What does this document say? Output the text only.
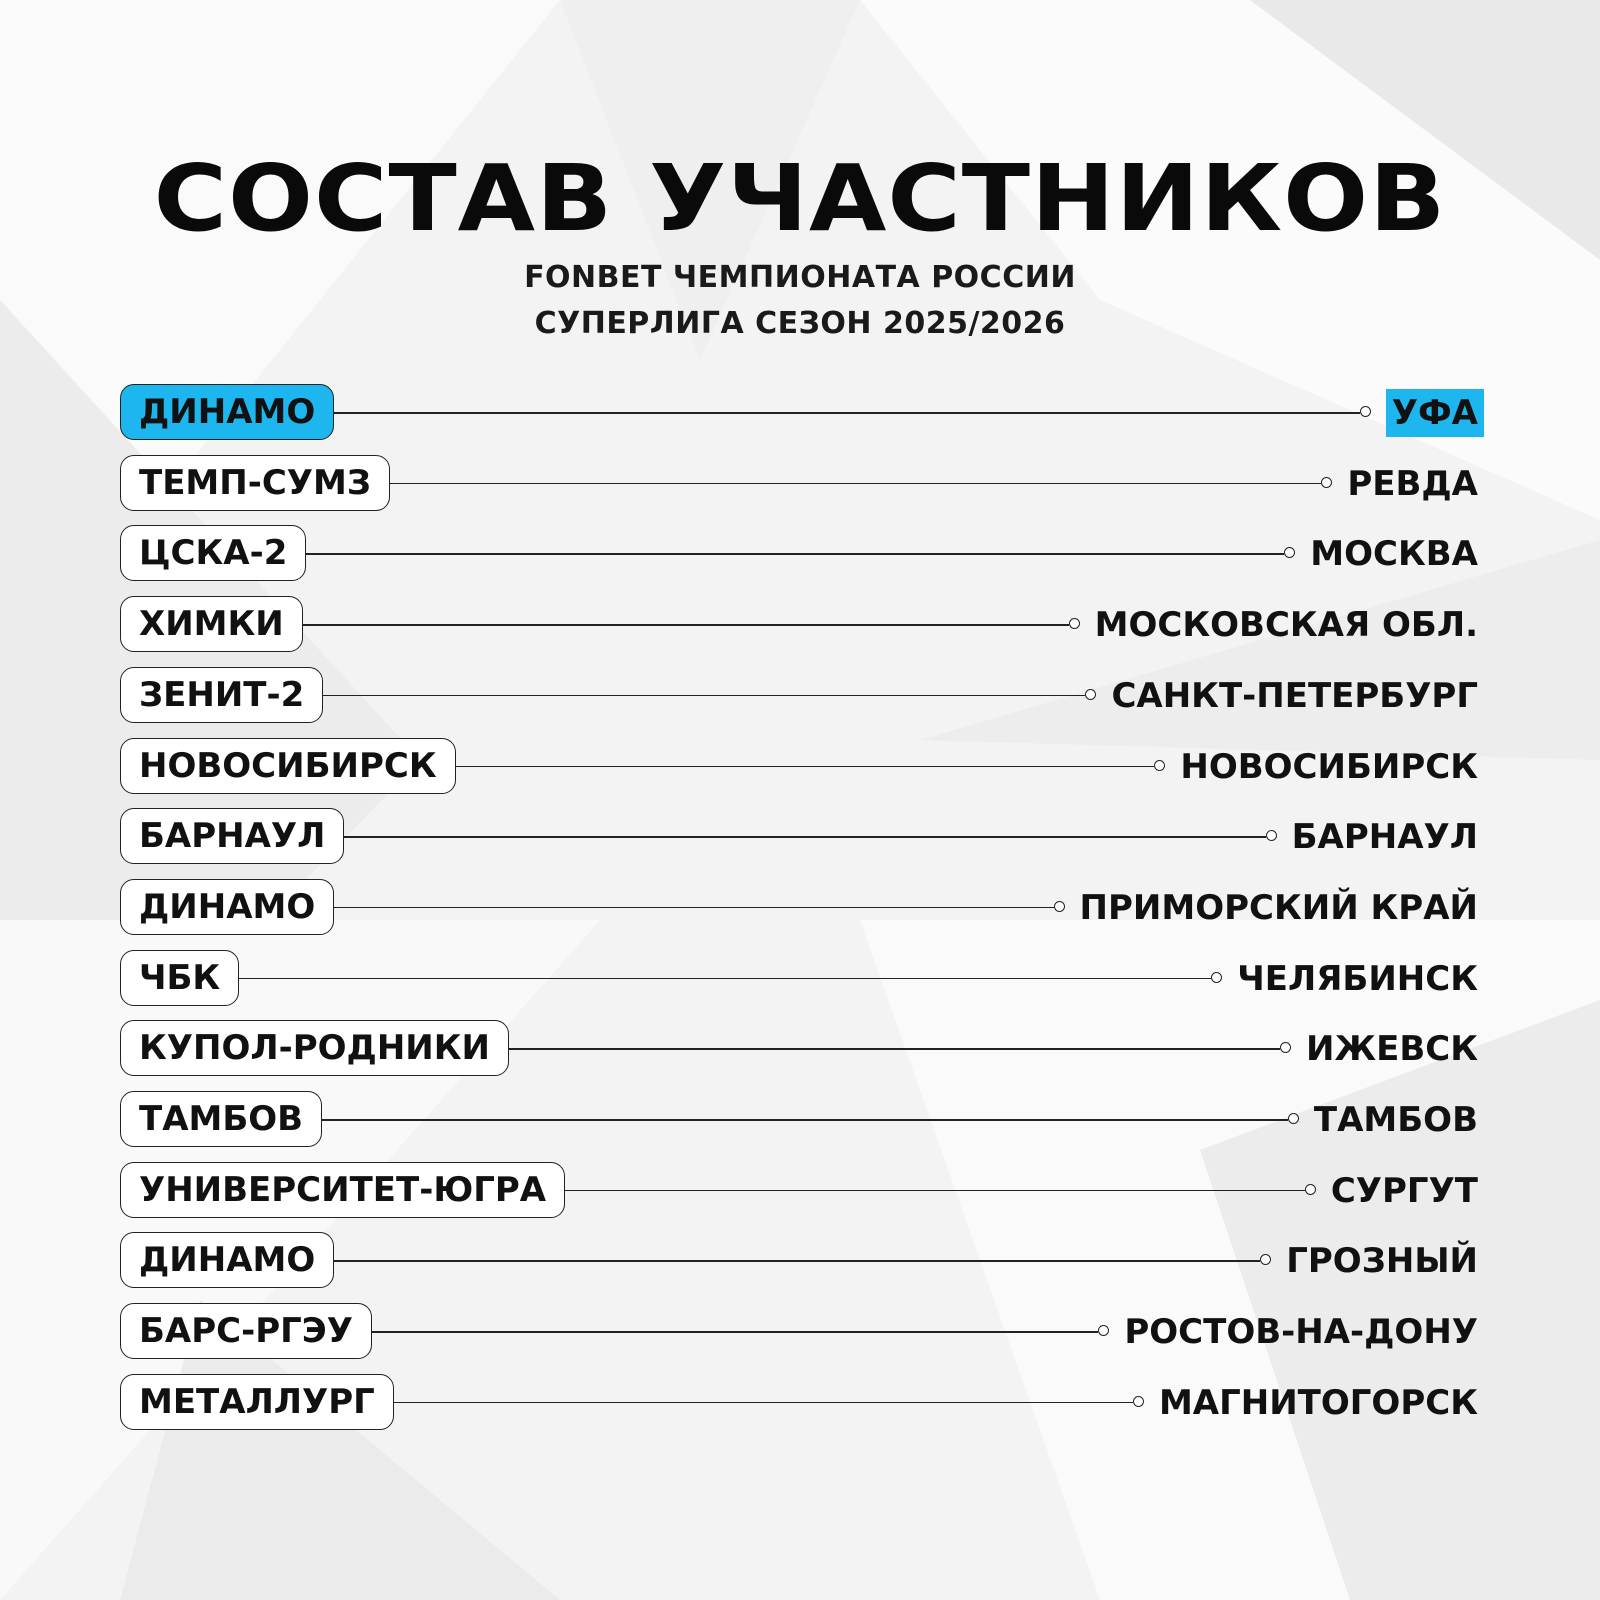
СОСТАВ УЧАСТНИКОВ
FONBET ЧЕМПИОНАТА РОССИИ
СУПЕРЛИГА СЕЗОН 2025/2026
ДИНАМО	УФА
ТЕМП-СУМЗ	РЕВДА
ЦСКА-2	МОСКВА
ХИМКИ	МОСКОВСКАЯ ОБЛ.
ЗЕНИТ-2	САНКТ-ПЕТЕРБУРГ
НОВОСИБИРСК	НОВОСИБИРСК
БАРНАУЛ	БАРНАУЛ
ДИНАМО	ПРИМОРСКИЙ КРАЙ
ЧБК	ЧЕЛЯБИНСК
КУПОЛ-РОДНИКИ	ИЖЕВСК
ТАМБОВ	ТАМБОВ
УНИВЕРСИТЕТ-ЮГРА	СУРГУТ
ДИНАМО	ГРОЗНЫЙ
БАРС-РГЭУ	РОСТОВ-НА-ДОНУ
МЕТАЛЛУРГ	МАГНИТОГОРСК
